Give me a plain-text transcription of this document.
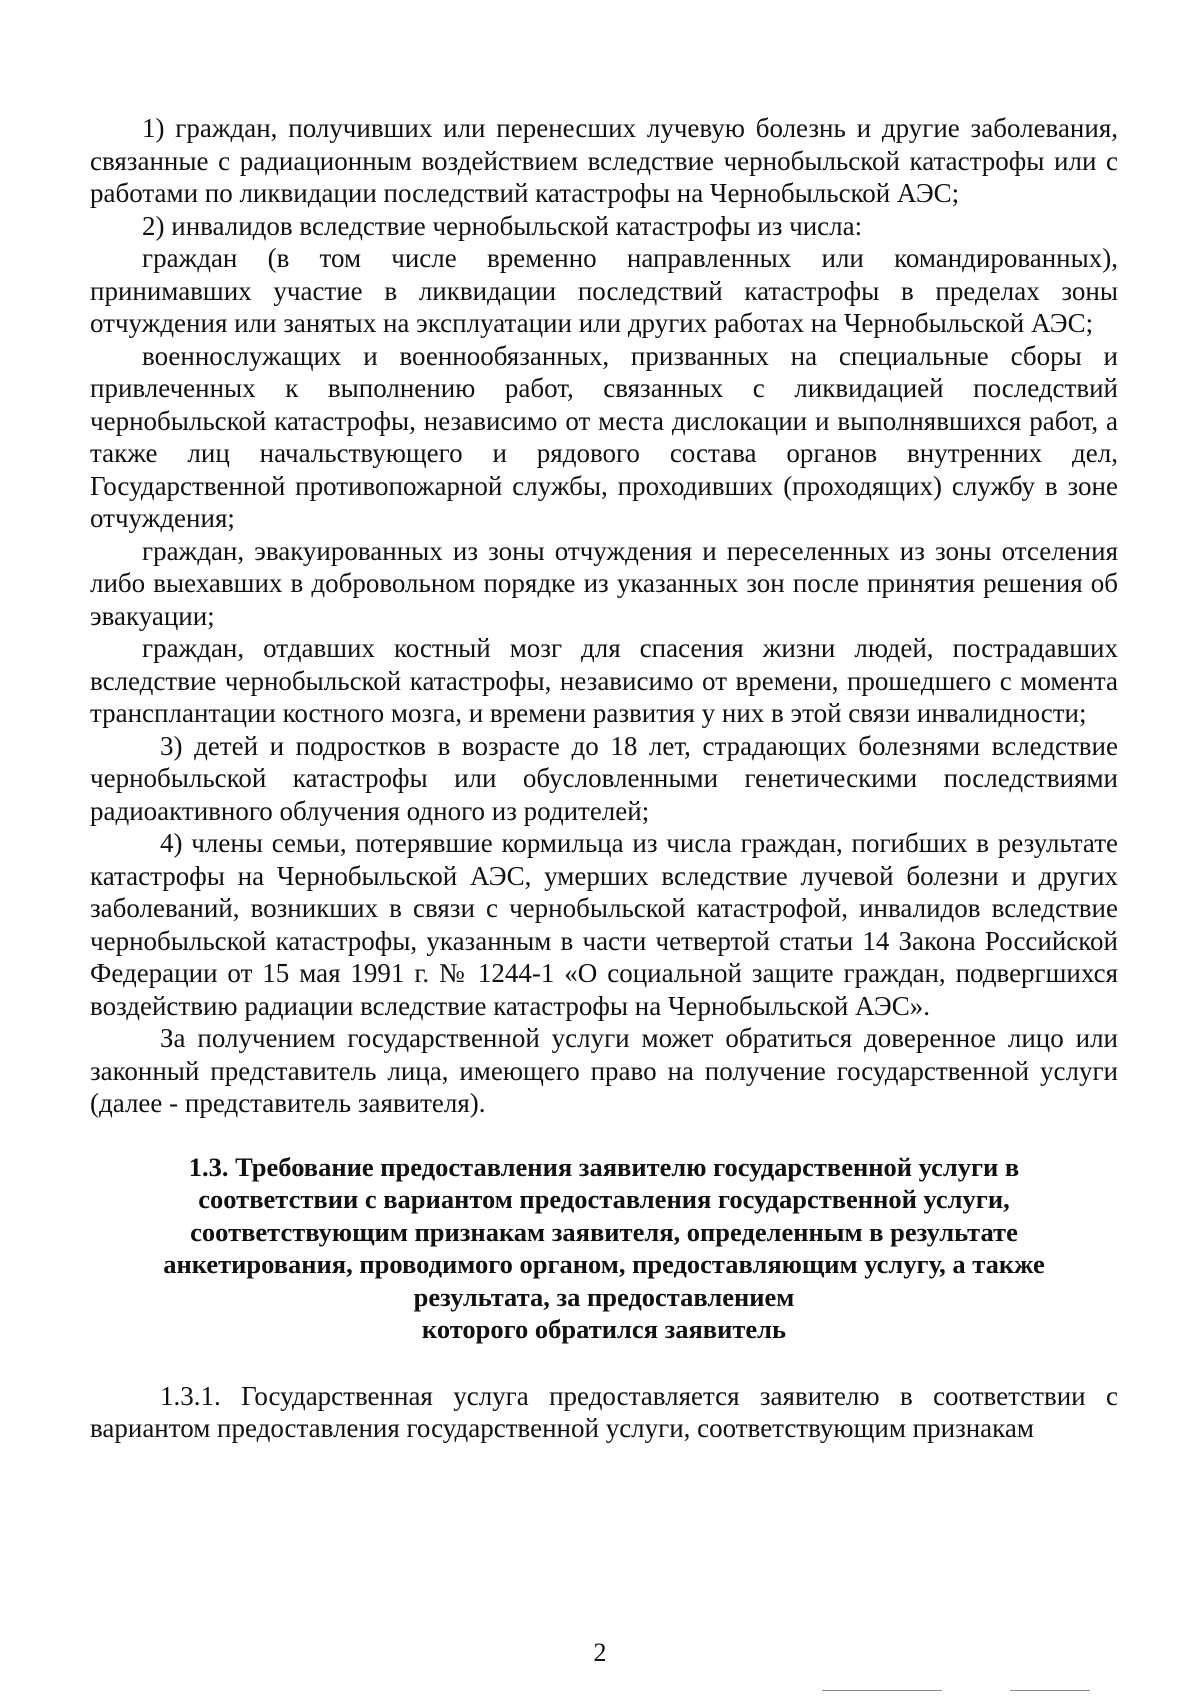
1) граждан, получивших или перенесших лучевую болезнь и другие заболевания, связанные с радиационным воздействием вследствие чернобыльской катастрофы или с работами по ликвидации последствий катастрофы на Чернобыльской АЭС;

2) инвалидов вследствие чернобыльской катастрофы из числа:

граждан (в том числе временно направленных или командированных), принимавших участие в ликвидации последствий катастрофы в пределах зоны отчуждения или занятых на эксплуатации или других работах на Чернобыльской АЭС;

военнослужащих и военнообязанных, призванных на специальные сборы и привлеченных к выполнению работ, связанных с ликвидацией последствий чернобыльской катастрофы, независимо от места дислокации и выполнявшихся работ, а также лиц начальствующего и рядового состава органов внутренних дел, Государственной противопожарной службы, проходивших (проходящих) службу в зоне отчуждения;

граждан, эвакуированных из зоны отчуждения и переселенных из зоны отселения либо выехавших в добровольном порядке из указанных зон после принятия решения об эвакуации;

граждан, отдавших костный мозг для спасения жизни людей, пострадавших вследствие чернобыльской катастрофы, независимо от времени, прошедшего с момента трансплантации костного мозга, и времени развития у них в этой связи инвалидности;

3) детей и подростков в возрасте до 18 лет, страдающих болезнями вследствие чернобыльской катастрофы или обусловленными генетическими последствиями радиоактивного облучения одного из родителей;

4) члены семьи, потерявшие кормильца из числа граждан, погибших в результате катастрофы на Чернобыльской АЭС, умерших вследствие лучевой болезни и других заболеваний, возникших в связи с чернобыльской катастрофой, инвалидов вследствие чернобыльской катастрофы, указанным в части четвертой статьи 14 Закона Российской Федерации от 15 мая 1991 г. № 1244-1 «О социальной защите граждан, подвергшихся воздействию радиации вследствие катастрофы на Чернобыльской АЭС».

За получением государственной услуги может обратиться доверенное лицо или законный представитель лица, имеющего право на получение государственной услуги (далее - представитель заявителя).

1.3. Требование предоставления заявителю государственной услуги в
соответствии с вариантом предоставления государственной услуги,
соответствующим признакам заявителя, определенным в результате
анкетирования, проводимого органом, предоставляющим услугу, а также
результата, за предоставлением
которого обратился заявитель

1.3.1. Государственная услуга предоставляется заявителю в соответствии с вариантом предоставления государственной услуги, соответствующим признакам

2
